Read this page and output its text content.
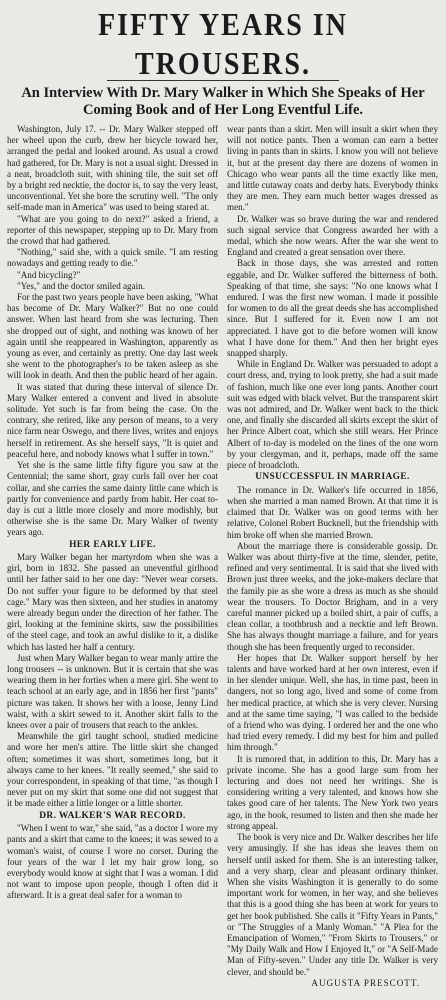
FIFTY YEARS IN TROUSERS.
An Interview With Dr. Mary Walker in Which She Speaks of Her Coming Book and of Her Long Eventful Life.

Washington, July 17. -- Dr. Mary Walker stepped off her wheel upon the curb, drew her bicycle toward her, arranged the pedal and looked around. As usual a crowd had gathered, for Dr. Mary is not a usual sight. Dressed in a neat, broadcloth suit, with shining tile, the suit set off by a bright red necktie, the doctor is, to say the very least, unconventional. Yet she bore the scrutiny well. "The only self-made man in America" was used to being stared at.

"What are you going to do next?" asked a friend, a reporter of this newspaper, stepping up to Dr. Mary from the crowd that had gathered.

"Nothing," said she, with a quick smile. "I am resting nowadays and getting ready to die."

"And bicycling?"

"Yes," and the doctor smiled again.

For the past two years people have been asking, "What has become of Dr. Mary Walker?" But no one could answer. When last heard from she was lecturing. Then she dropped out of sight, and nothing was known of her again until she reappeared in Washington, apparently as young as ever, and certainly as pretty. One day last week she went to the photographer's to be taken asleep as she will look in death. And then the public heard of her again.

It was stated that during these interval of silence Dr. Mary Walker entered a convent and lived in absolute solitude. Yet such is far from being the case. On the contrary, she retired, like any person of means, to a very nice farm near Oswego, and there lives, writes and enjoys herself in retirement. As she herself says, "It is quiet and peaceful here, and nobody knows what I suffer in town."

Yet she is the same little fifty figure you saw at the Centennial; the same short, gray curls fall over her coat collar, and she carries the same dainty little cane which is partly for convenience and partly from habit. Her coat to-day is cut a little more closely and more modishly, but otherwise she is the same Dr. Mary Walker of twenty years ago.

HER EARLY LIFE.

Mary Walker began her martyrdom when she was a girl, born in 1832. She passed an uneventful girlhood until her father said to her one day: "Never wear corsets. Do not suffer your figure to be deformed by that steel cage." Mary was then sixteen, and her studies in anatomy were already begun under the direction of her father. The girl, looking at the feminine skirts, saw the possibilities of the steel cage, and took an awful dislike to it, a dislike which has lasted her half a century.

Just when Mary Walker began to wear manly attire the long trousers -- is unknown. But it is certain that she was wearing them in her forties when a mere girl. She went to teach school at an early age, and in 1856 her first "pants" picture was taken. It shows her with a loose, Jenny Lind waist, with a skirt sewed to it. Another skirt falls to the knees over a pair of trousers that reach to the ankles.

Meanwhile the girl taught school, studied medicine and wore her men's attire. The little skirt she changed often; sometimes it was short, sometimes long, but it always came to her knees. "It really seemed," she said to your correspondent, in speaking of that time, "as though I never put on my skirt that some one did not suggest that it be made either a little longer or a little shorter.

DR. WALKER'S WAR RECORD.

"When I went to war," she said, "as a doctor I wore my pants and a skirt that came to the knees; it was sewed to a woman's waist, of course I wore no corset. During the four years of the war I let my hair grow long, so everybody would know at sight that I was a woman. I did not want to impose upon people, though I often did it afterward. It is a great deal safer for a woman to

wear pants than a skirt. Men will insult a skirt when they will not notice pants. Then a woman can earn a better living in pants than in skirts. I know you will not believe it, but at the present day there are dozens of women in Chicago who wear pants all the time exactly like men, and little cutaway coats and derby hats. Everybody thinks they are men. They earn much better wages dressed as men."

Dr. Walker was so brave during the war and rendered such signal service that Congress awarded her with a medal, which she now wears. After the war she went to England and created a great sensation over there.

Back in those days, she was arrested and rotten eggable, and Dr. Walker suffered the bitterness of both. Speaking of that time, she says: "No one knows what I endured. I was the first new woman. I made it possible for women to do all the great deeds she has accomplished since. But I suffered for it. Even now I am not appreciated. I have got to die before women will know what I have done for them." And then her bright eyes snapped sharply.

While in England Dr. Walker was persuaded to adopt a court dress, and, trying to look pretty, she had a suit made of fashion, much like one ever long pants. Another court suit was edged with black velvet. But the transparent skirt was not admired, and Dr. Walker went back to the thick one, and finally she discarded all skirts except the skirt of her Prince Albert coat, which she still wears. Her Prince Albert of to-day is modeled on the lines of the one worn by your clergyman, and it, perhaps, made off the same piece of broadcloth.

UNSUCCESSFUL IN MARRIAGE.

The romance in Dr. Walker's life occurred in 1856, when she married a man named Brown. At that time it is claimed that Dr. Walker was on good terms with her relative, Colonel Robert Bucknell, but the friendship with him broke off when she married Brown.

About the marriage there is considerable gossip. Dr. Walker was about thirty-five at the time, slender, petite, refined and very sentimental. It is said that she lived with Brown just three weeks, and the joke-makers declare that the family pie as she wore a dress as much as she should wear the trousers. To Doctor Brigham, and in a very careful manner picked up a boiled shirt, a pair of cuffs, a clean collar, a toothbrush and a necktie and left Brown. She has always thought marriage a failure, and for years though she has been frequently urged to reconsider.

Her hopes that Dr. Walker support herself by her talents and have worked hard at her own interest, even if in her slender unique. Well, she has, in time past, been in dangers, not so long ago, lived and some of come from her medical practice, at which she is very clever. Nursing and at the same time saying, "I was called to the bedside of a friend who was dying. I ordered her and the one who had tried every remedy. I did my best for him and pulled him through."

It is rumored that, in addition to this, Dr. Mary has a private income. She has a good large sum from her lecturing and does not need her writings. She is considering writing a very talented, and knows how she takes good care of her talents. The New York two years ago, in the book, resumed to listen and then she made her strong appeal.

The book is very nice and Dr. Walker describes her life very amusingly. If she has ideas she leaves them on herself until asked for them. She is an interesting talker, and a very sharp, clear and pleasant ordinary thinker. When she visits Washington it is generally to do some important work for women, in her way, and she believes that this is a good thing she has been at work for years to get her book published. She calls it "Fifty Years in Pants," or "The Struggles of a Manly Woman." "A Plea for the Emancipation of Women," "From Skirts to Trousers," or "My Daily Walk and How I Enjoyed It," or "A Self-Made Man of Fifty-seven." Under any title Dr. Walker is very clever, and should be."

AUGUSTA PRESCOTT.
